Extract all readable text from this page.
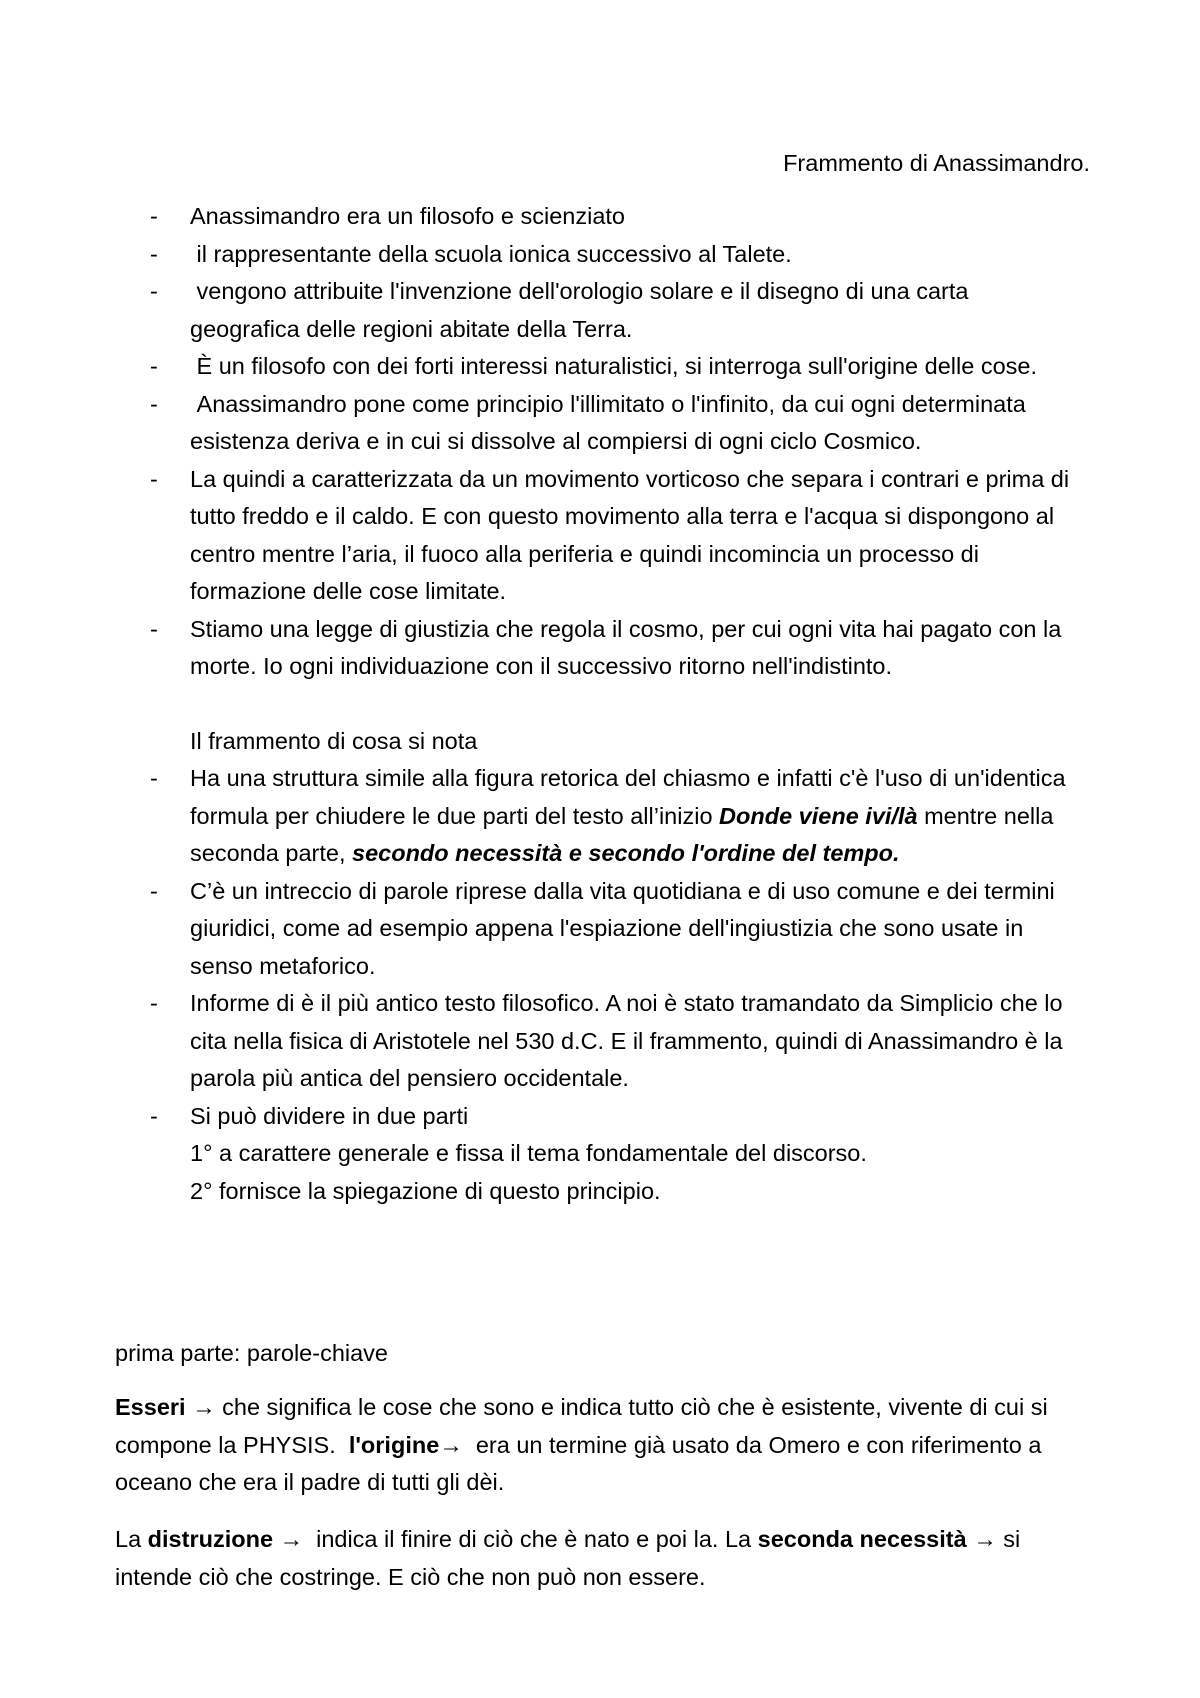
Frammento di Anassimandro.
- Anassimandro era un filosofo e scienziato
- il rappresentante della scuola ionica successivo al Talete.
- vengono attribuite l'invenzione dell'orologio solare e il disegno di una carta geografica delle regioni abitate della Terra.
- È un filosofo con dei forti interessi naturalistici, si interroga sull'origine delle cose.
- Anassimandro pone come principio l'illimitato o l'infinito, da cui ogni determinata esistenza deriva e in cui si dissolve al compiersi di ogni ciclo Cosmico.
- La quindi a caratterizzata da un movimento vorticoso che separa i contrari e prima di tutto freddo e il caldo. E con questo movimento alla terra e l'acqua si dispongono al centro mentre l’aria, il fuoco alla periferia e quindi incomincia un processo di formazione delle cose limitate.
- Stiamo una legge di giustizia che regola il cosmo, per cui ogni vita hai pagato con la morte. Io ogni individuazione con il successivo ritorno nell'indistinto.
Il frammento di cosa si nota
- Ha una struttura simile alla figura retorica del chiasmo e infatti c'è l'uso di un'identica formula per chiudere le due parti del testo all’inizio Donde viene ivi/là mentre nella seconda parte, secondo necessità e secondo l'ordine del tempo.
- C’è un intreccio di parole riprese dalla vita quotidiana e di uso comune e dei termini giuridici, come ad esempio appena l'espiazione dell'ingiustizia che sono usate in senso metaforico.
- Informe di è il più antico testo filosofico. A noi è stato tramandato da Simplicio che lo cita nella fisica di Aristotele nel 530 d.C. E il frammento, quindi di Anassimandro è la parola più antica del pensiero occidentale.
- Si può dividere in due parti
1° a carattere generale e fissa il tema fondamentale del discorso.
2° fornisce la spiegazione di questo principio.
prima parte: parole-chiave
Esseri → che significa le cose che sono e indica tutto ciò che è esistente, vivente di cui si compone la PHYSIS.  l'origine→  era un termine già usato da Omero e con riferimento a oceano che era il padre di tutti gli dèi.
La distruzione →  indica il finire di ciò che è nato e poi la. La seconda necessità → si intende ciò che costringe. E ciò che non può non essere.
